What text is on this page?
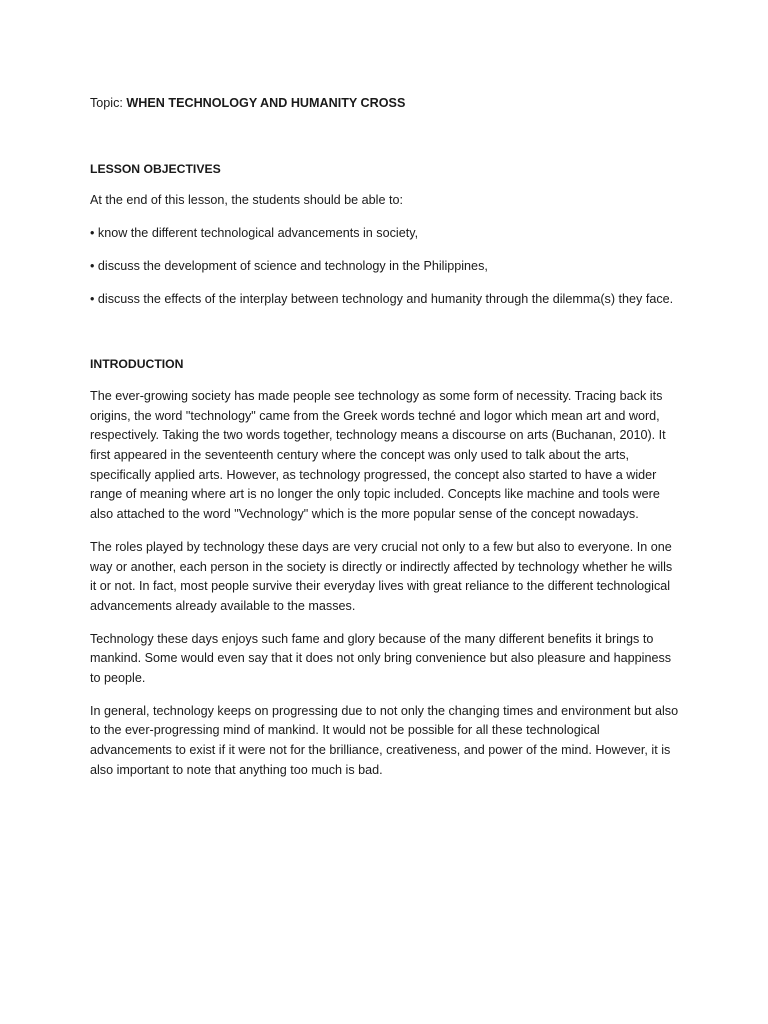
Topic: WHEN TECHNOLOGY AND HUMANITY CROSS

LESSON OBJECTIVES

At the end of this lesson, the students should be able to:

• know the different technological advancements in society,

• discuss the development of science and technology in the Philippines,

• discuss the effects of the interplay between technology and humanity through the dilemma(s) they face.

INTRODUCTION

The ever-growing society has made people see technology as some form of necessity. Tracing back its origins, the word "technology" came from the Greek words techné and logor which mean art and word, respectively. Taking the two words together, technology means a discourse on arts (Buchanan, 2010). It first appeared in the seventeenth century where the concept was only used to talk about the arts, specifically applied arts. However, as technology progressed, the concept also started to have a wider range of meaning where art is no longer the only topic included. Concepts like machine and tools were also attached to the word "Vechnology" which is the more popular sense of the concept nowadays.

The roles played by technology these days are very crucial not only to a few but also to everyone. In one way or another, each person in the society is directly or indirectly affected by technology whether he wills it or not. In fact, most people survive their everyday lives with great reliance to the different technological advancements already available to the masses.

Technology these days enjoys such fame and glory because of the many different benefits it brings to mankind. Some would even say that it does not only bring convenience but also pleasure and happiness to people.

In general, technology keeps on progressing due to not only the changing times and environment but also to the ever-progressing mind of mankind. It would not be possible for all these technological advancements to exist if it were not for the brilliance, creativeness, and power of the mind. However, it is also important to note that anything too much is bad.
